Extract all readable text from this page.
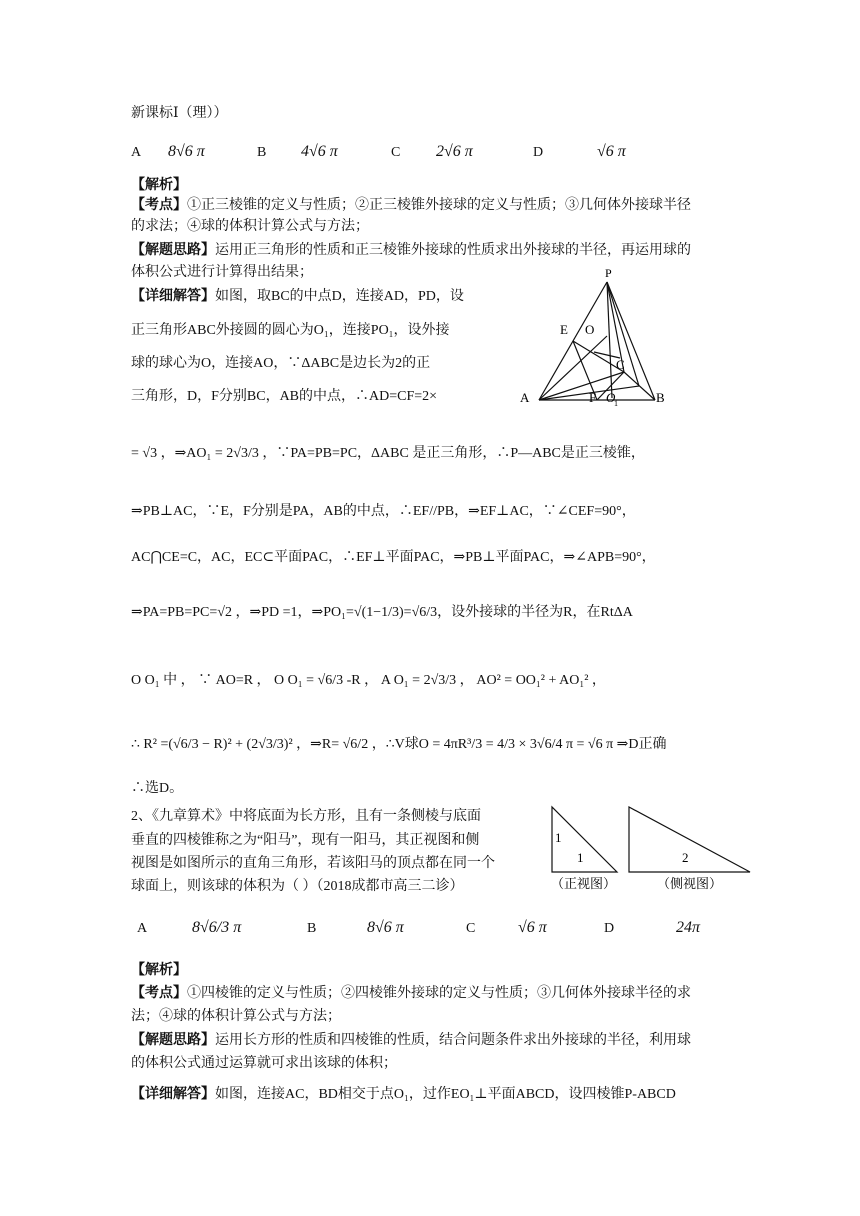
新课标Ⅰ（理））
A 8√6 π	B 4√6 π	C 2√6 π	D	√6 π
【解析】
【考点】①正三棱锥的定义与性质；②正三棱锥外接球的定义与性质；③几何体外接球半径
的求法；④球的体积计算公式与方法；
【解题思路】运用正三角形的性质和正三棱锥外接球的性质求出外接球的半径，再运用球的
体积公式进行计算得出结果；
【详细解答】如图，取BC的中点D，连接AD，PD，设
正三角形ABC外接圆的圆心为O₁，连接PO₁，设外接
球的球心为O，连接AO，∵ΔABC是边长为2的正
三角形，D，F分别BC，AB的中点，∴AD=CF=2×
P
E O
C
A	F O
1	B
= √3 ，⇒AO₁ = 2√3/3 ，∵PA=PB=PC，ΔABC 是正三角形，∴P—ABC是正三棱锥，
⇒PB⊥AC，∵E，F分别是PA，AB的中点，∴EF//PB，⇒EF⊥AC，∵∠CEF=90°，
AC⋂CE=C，AC，EC⊂平面PAC，∴EF⊥平面PAC，⇒PB⊥平面PAC，⇒∠APB=90°，
⇒PA=PB=PC=√2 ，⇒PD =1，⇒PO₁=√(1−1/3)=√6/3，设外接球的半径为R，在RtΔA
O O₁ 中 ， ∵ AO=R ， O O₁ = √6/3 -R ， A O₁ = 2√3/3 ， AO² = OO₁² + AO₁² ，
∴ R² =(√6/3 − R)² + (2√3/3)² ，⇒R= √6/2 ，∴V球O = 4πR³/3 = 4/3 × 3√6/4 π = √6 π ⇒D正确
∴选D。
2、《九章算术》中将底面为长方形，且有一条侧棱与底面
垂直的四棱锥称之为“阳马”，现有一阳马，其正视图和侧
视图是如图所示的直角三角形，若该阳马的顶点都在同一个
球面上，则该球的体积为（ ）（2018成都市高三二诊）
1
1	2
（正视图）	（侧视图）
A	8√6/3 π	B	8√6 π	C	√6 π	D	24π
【解析】
【考点】①四棱锥的定义与性质；②四棱锥外接球的定义与性质；③几何体外接球半径的求
法；④球的体积计算公式与方法；
【解题思路】运用长方形的性质和四棱锥的性质，结合问题条件求出外接球的半径，利用球
的体积公式通过运算就可求出该球的体积；
【详细解答】如图，连接AC，BD相交于点O₁，过作EO₁⊥平面ABCD，设四棱锥P-ABCD
